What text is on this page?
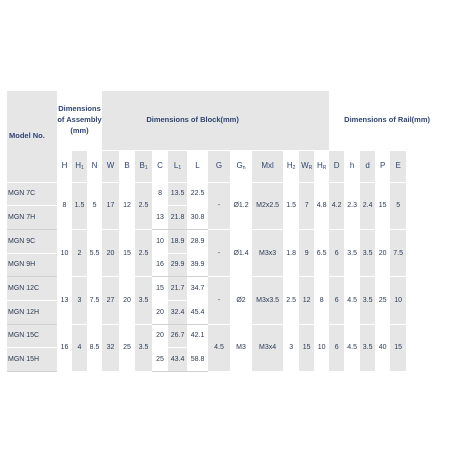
Model No.	Dimensions of Assembly (mm)			Dimensions of Block(mm)												Dimensions of Rail(mm)				
	H	$H_1$	N	W	B	$B_1$	C	$L_1$	L	G	$G_n$	Mxl	$H_2$	$W_R$	$H_R$	D	h	d	P	E
MGN 7C	8	1.5	5	17	12	2.5	8	13.5	22.5	-	Ø1.2	M2x2.5	1.5	7	4.8	4.2	2.3	2.4	15	5
MGN 7H							13	21.8	30.8											
MGN 9C	10	2	5.5	20	15	2.5	10	18.9	28.9	-	Ø1.4	M3x3	1.8	9	6.5	6	3.5	3.5	20	7.5
MGN 9H							16	29.9	39.9											
MGN 12C	13	3	7.5	27	20	3.5	15	21.7	34.7	-	Ø2	M3x3.5	2.5	12	8	6	4.5	3.5	25	10
MGN 12H							20	32.4	45.4											
MGN 15C	16	4	8.5	32	25	3.5	20	26.7	42.1	4.5	M3	M3x4	3	15	10	6	4.5	3.5	40	15
MGN 15H							25	43.4	58.8											
